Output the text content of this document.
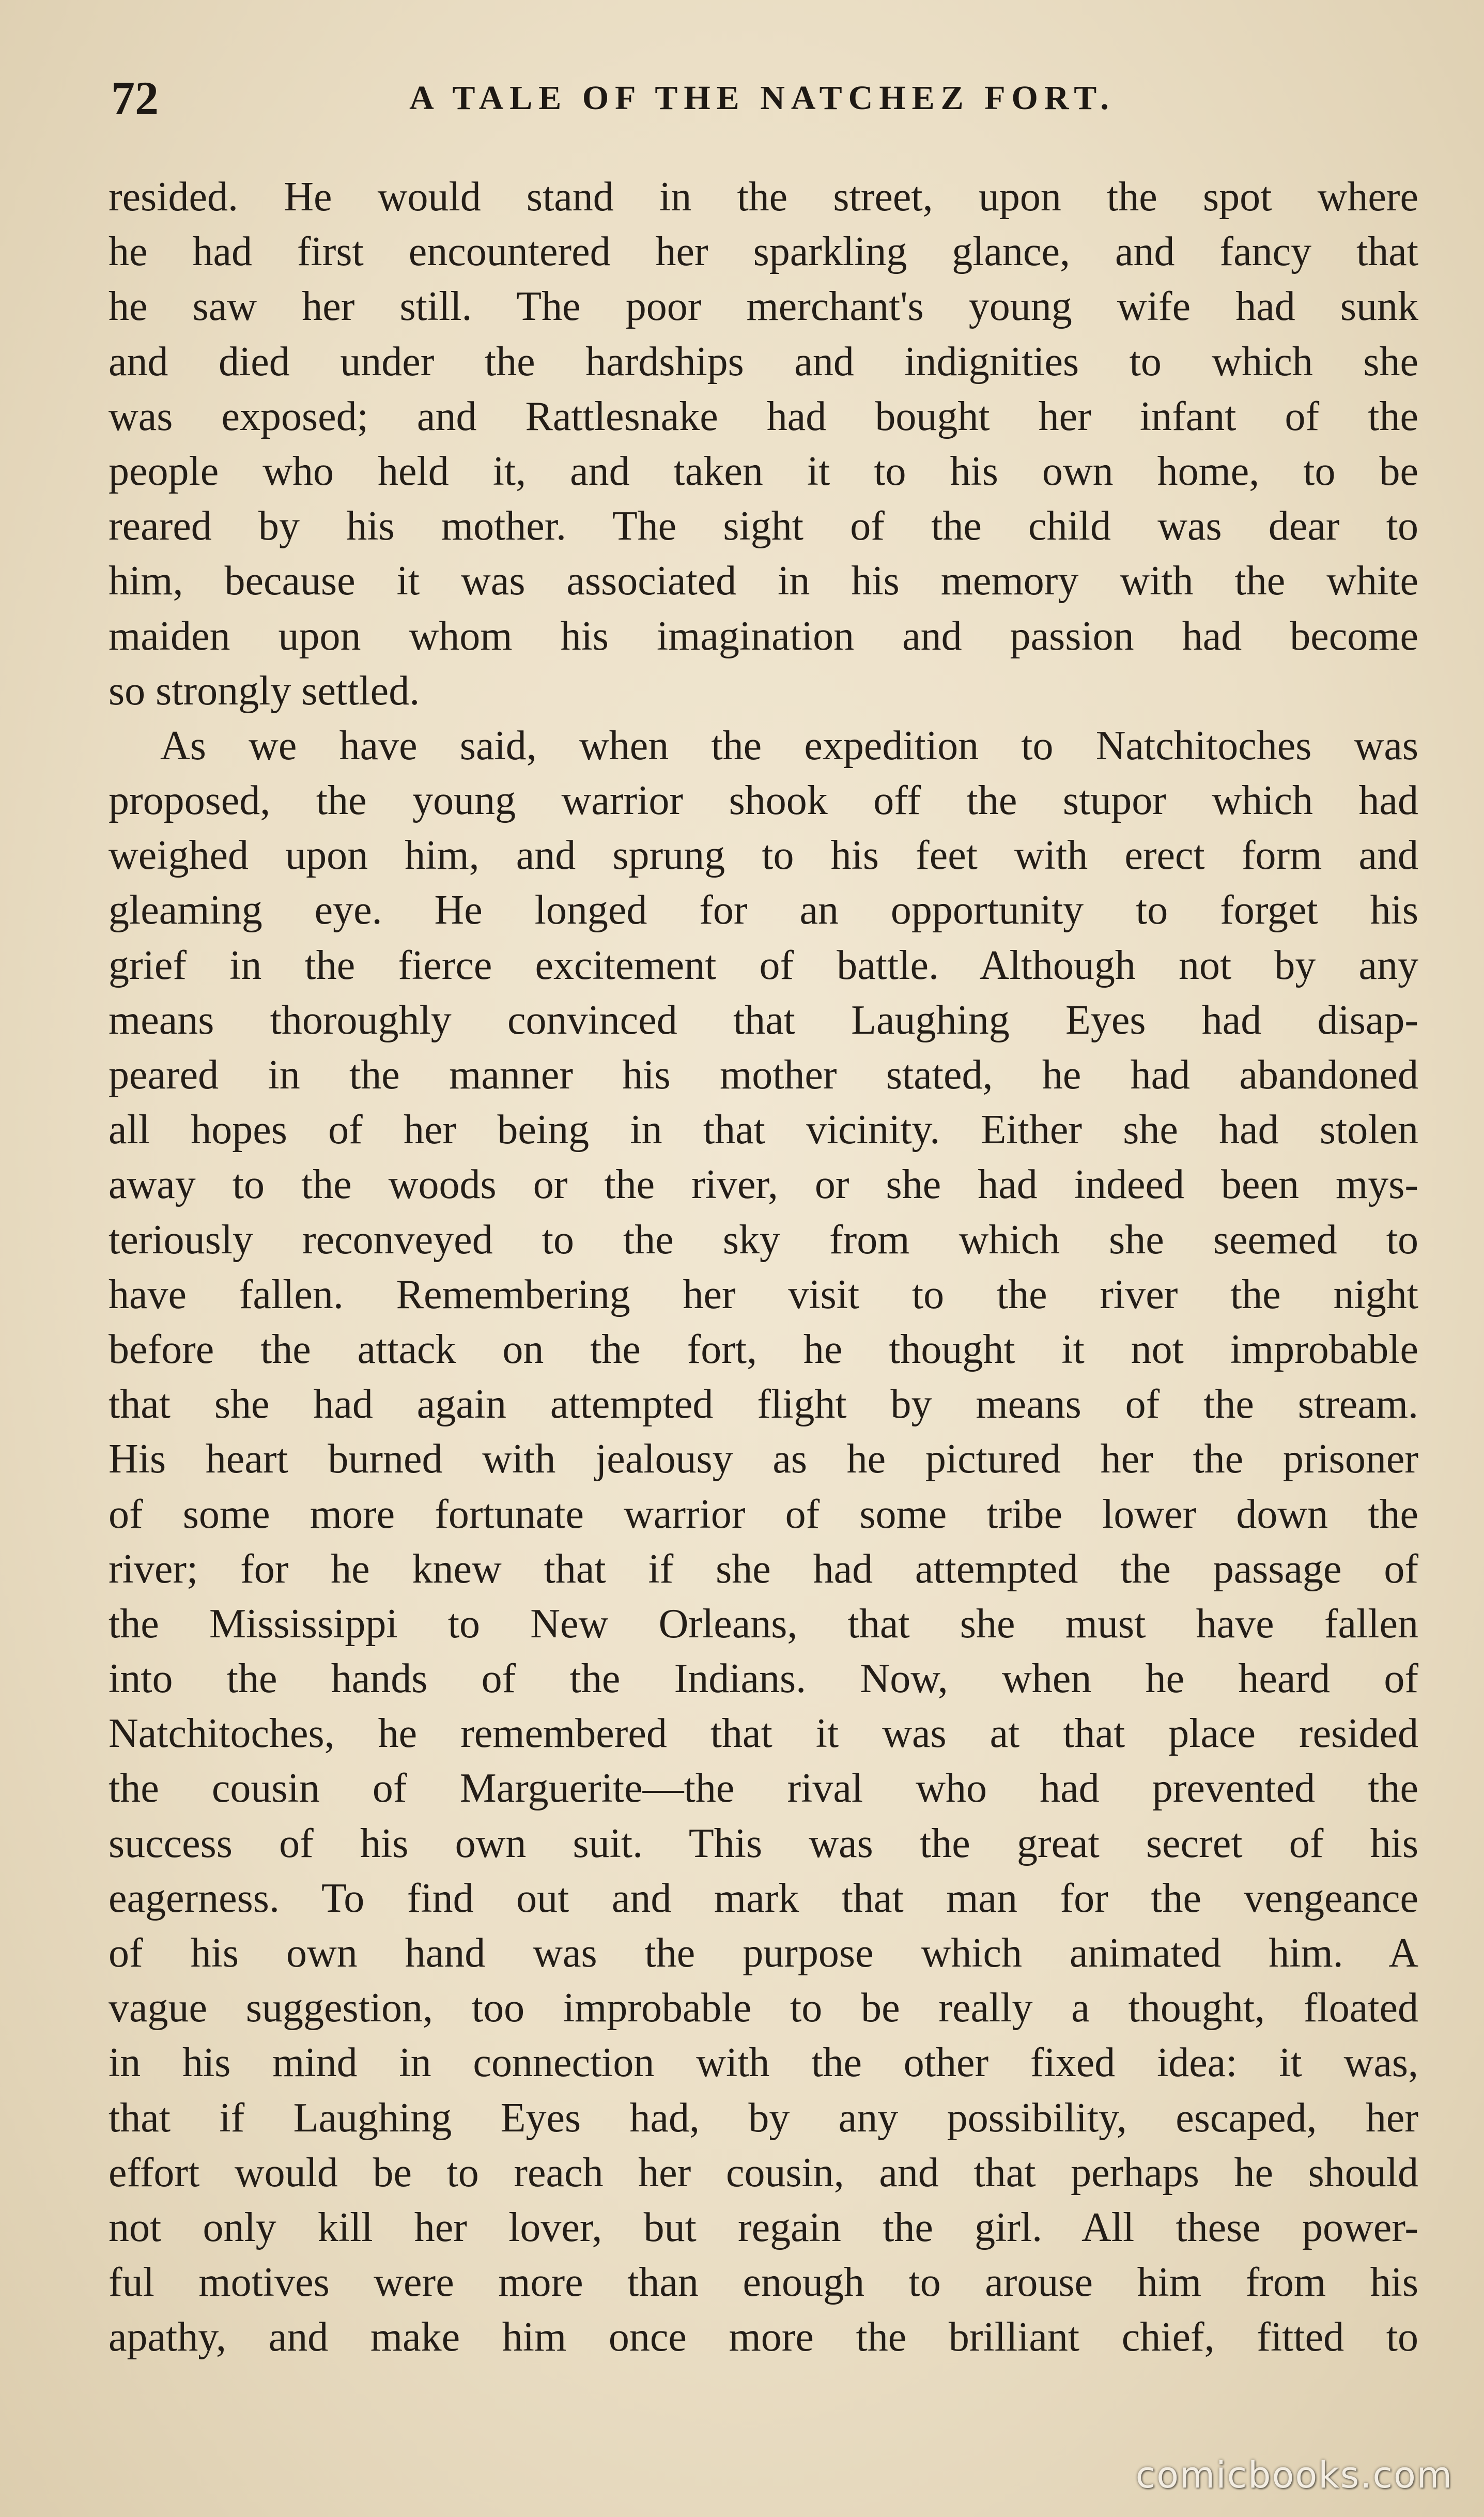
72	A TALE OF THE NATCHEZ FORT.
resided. He would stand in the street, upon the spot where
he had first encountered her sparkling glance, and fancy that
he saw her still. The poor merchant's young wife had sunk
and died under the hardships and indignities to which she
was exposed; and Rattlesnake had bought her infant of the
people who held it, and taken it to his own home, to be
reared by his mother. The sight of the child was dear to
him, because it was associated in his memory with the white
maiden upon whom his imagination and passion had become
so strongly settled.
As we have said, when the expedition to Natchitoches was
proposed, the young warrior shook off the stupor which had
weighed upon him, and sprung to his feet with erect form and
gleaming eye. He longed for an opportunity to forget his
grief in the fierce excitement of battle. Although not by any
means thoroughly convinced that Laughing Eyes had disap-
peared in the manner his mother stated, he had abandoned
all hopes of her being in that vicinity. Either she had stolen
away to the woods or the river, or she had indeed been mys-
teriously reconveyed to the sky from which she seemed to
have fallen. Remembering her visit to the river the night
before the attack on the fort, he thought it not improbable
that she had again attempted flight by means of the stream.
His heart burned with jealousy as he pictured her the prisoner
of some more fortunate warrior of some tribe lower down the
river; for he knew that if she had attempted the passage of
the Mississippi to New Orleans, that she must have fallen
into the hands of the Indians. Now, when he heard of
Natchitoches, he remembered that it was at that place resided
the cousin of Marguerite—the rival who had prevented the
success of his own suit. This was the great secret of his
eagerness. To find out and mark that man for the vengeance
of his own hand was the purpose which animated him. A
vague suggestion, too improbable to be really a thought, floated
in his mind in connection with the other fixed idea: it was,
that if Laughing Eyes had, by any possibility, escaped, her
effort would be to reach her cousin, and that perhaps he should
not only kill her lover, but regain the girl. All these power-
ful motives were more than enough to arouse him from his
apathy, and make him once more the brilliant chief, fitted to
comicbooks.com
